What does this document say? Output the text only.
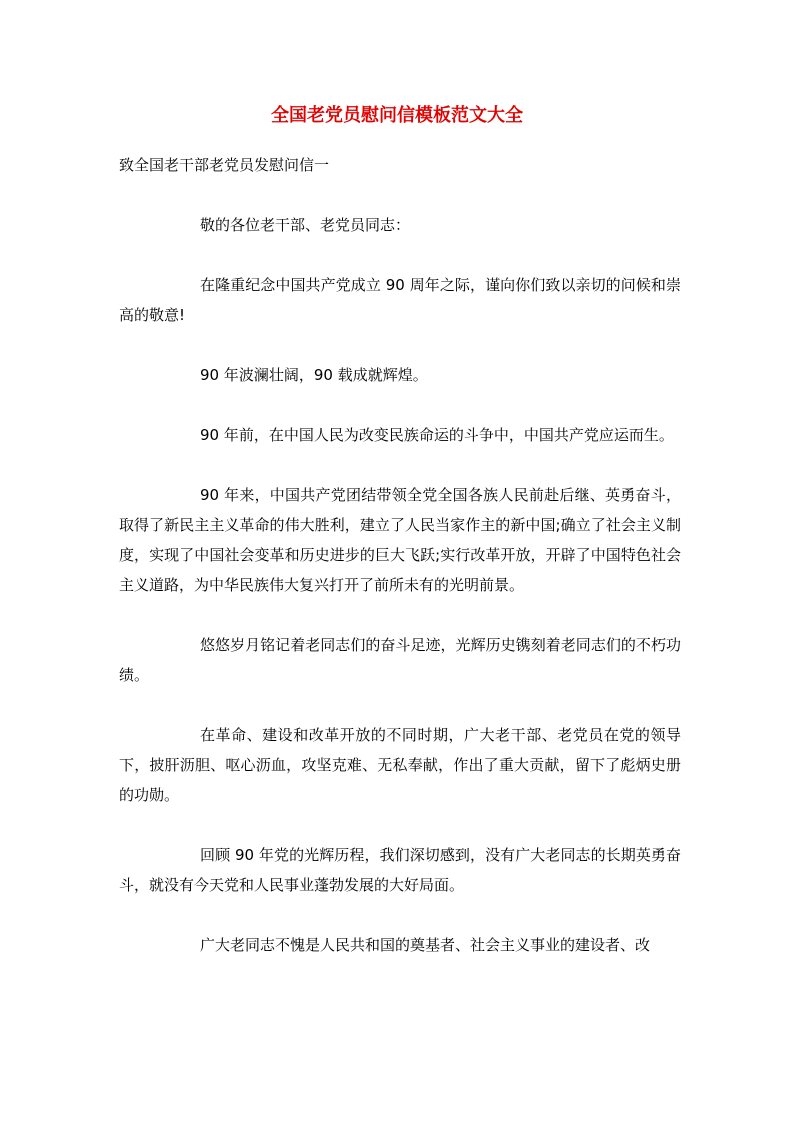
全国老党员慰问信模板范文大全

致全国老干部老党员发慰问信一

敬的各位老干部、老党员同志：

在隆重纪念中国共产党成立 90 周年之际，谨向你们致以亲切的问候和崇高的敬意!

90 年波澜壮阔，90 载成就辉煌。

90 年前，在中国人民为改变民族命运的斗争中，中国共产党应运而生。

90 年来，中国共产党团结带领全党全国各族人民前赴后继、英勇奋斗，取得了新民主主义革命的伟大胜利，建立了人民当家作主的新中国;确立了社会主义制度，实现了中国社会变革和历史进步的巨大飞跃;实行改革开放，开辟了中国特色社会主义道路，为中华民族伟大复兴打开了前所未有的光明前景。

悠悠岁月铭记着老同志们的奋斗足迹，光辉历史镌刻着老同志们的不朽功绩。

在革命、建设和改革开放的不同时期，广大老干部、老党员在党的领导下，披肝沥胆、呕心沥血，攻坚克难、无私奉献，作出了重大贡献，留下了彪炳史册的功勋。

回顾 90 年党的光辉历程，我们深切感到，没有广大老同志的长期英勇奋斗，就没有今天党和人民事业蓬勃发展的大好局面。

广大老同志不愧是人民共和国的奠基者、社会主义事业的建设者、改
